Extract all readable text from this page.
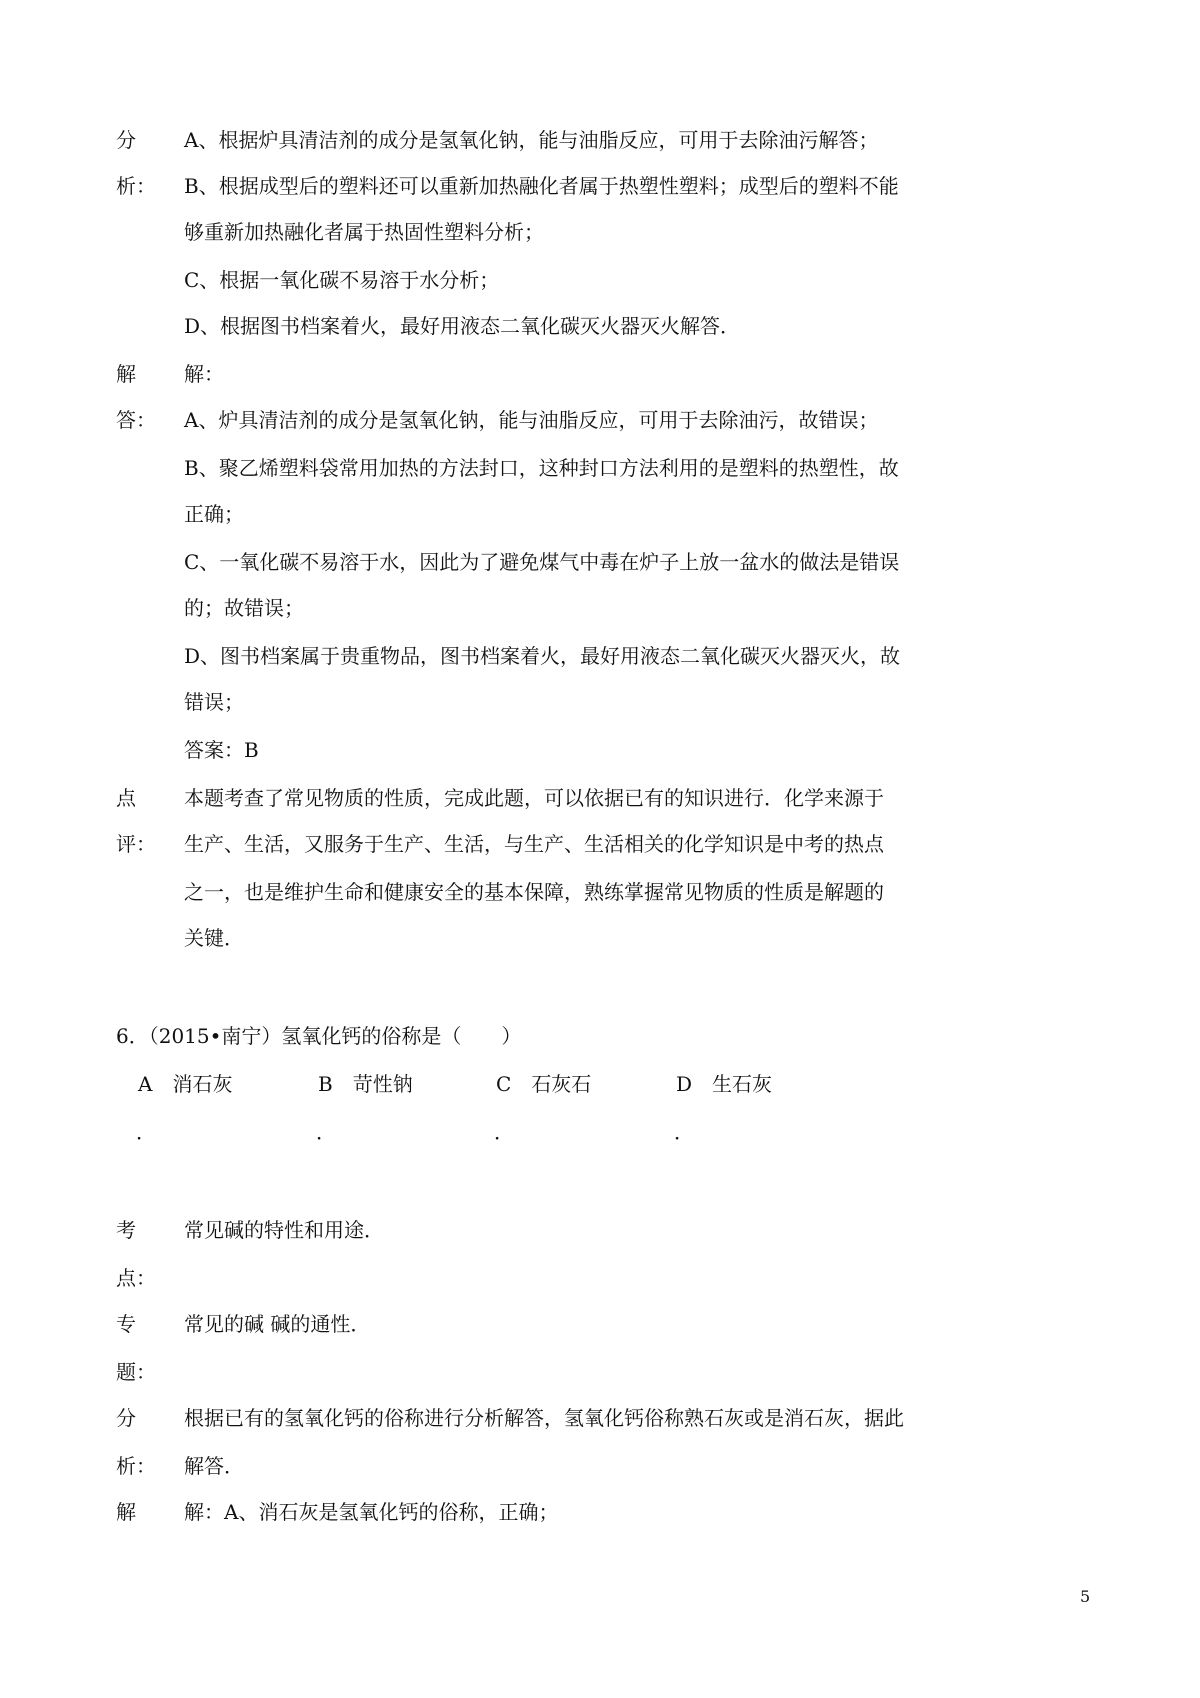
分 A、根据炉具清洁剂的成分是氢氧化钠，能与油脂反应，可用于去除油污解答；
析： B、根据成型后的塑料还可以重新加热融化者属于热塑性塑料；成型后的塑料不能
够重新加热融化者属于热固性塑料分析；
C、根据一氧化碳不易溶于水分析；
D、根据图书档案着火，最好用液态二氧化碳灭火器灭火解答．
解 解：
答： A、炉具清洁剂的成分是氢氧化钠，能与油脂反应，可用于去除油污，故错误；
B、聚乙烯塑料袋常用加热的方法封口，这种封口方法利用的是塑料的热塑性，故
正确；
C、一氧化碳不易溶于水，因此为了避免煤气中毒在炉子上放一盆水的做法是错误
的；故错误；
D、图书档案属于贵重物品，图书档案着火，最好用液态二氧化碳灭火器灭火，故
错误；
答案：B
点 本题考查了常见物质的性质，完成此题，可以依据已有的知识进行．化学来源于
评： 生产、生活，又服务于生产、生活，与生产、生活相关的化学知识是中考的热点
之一，也是维护生命和健康安全的基本保障，熟练掌握常见物质的性质是解题的
关键．
6．（2015•南宁）氢氧化钙的俗称是（　　）
A 消石灰	B 苛性钠	C 石灰石	D 生石灰
．	．	．	．
考 常见碱的特性和用途．
点：
专 常见的碱 碱的通性．
题：
分 根据已有的氢氧化钙的俗称进行分析解答，氢氧化钙俗称熟石灰或是消石灰，据此
析： 解答．
解 解：A、消石灰是氢氧化钙的俗称，正确；
5
